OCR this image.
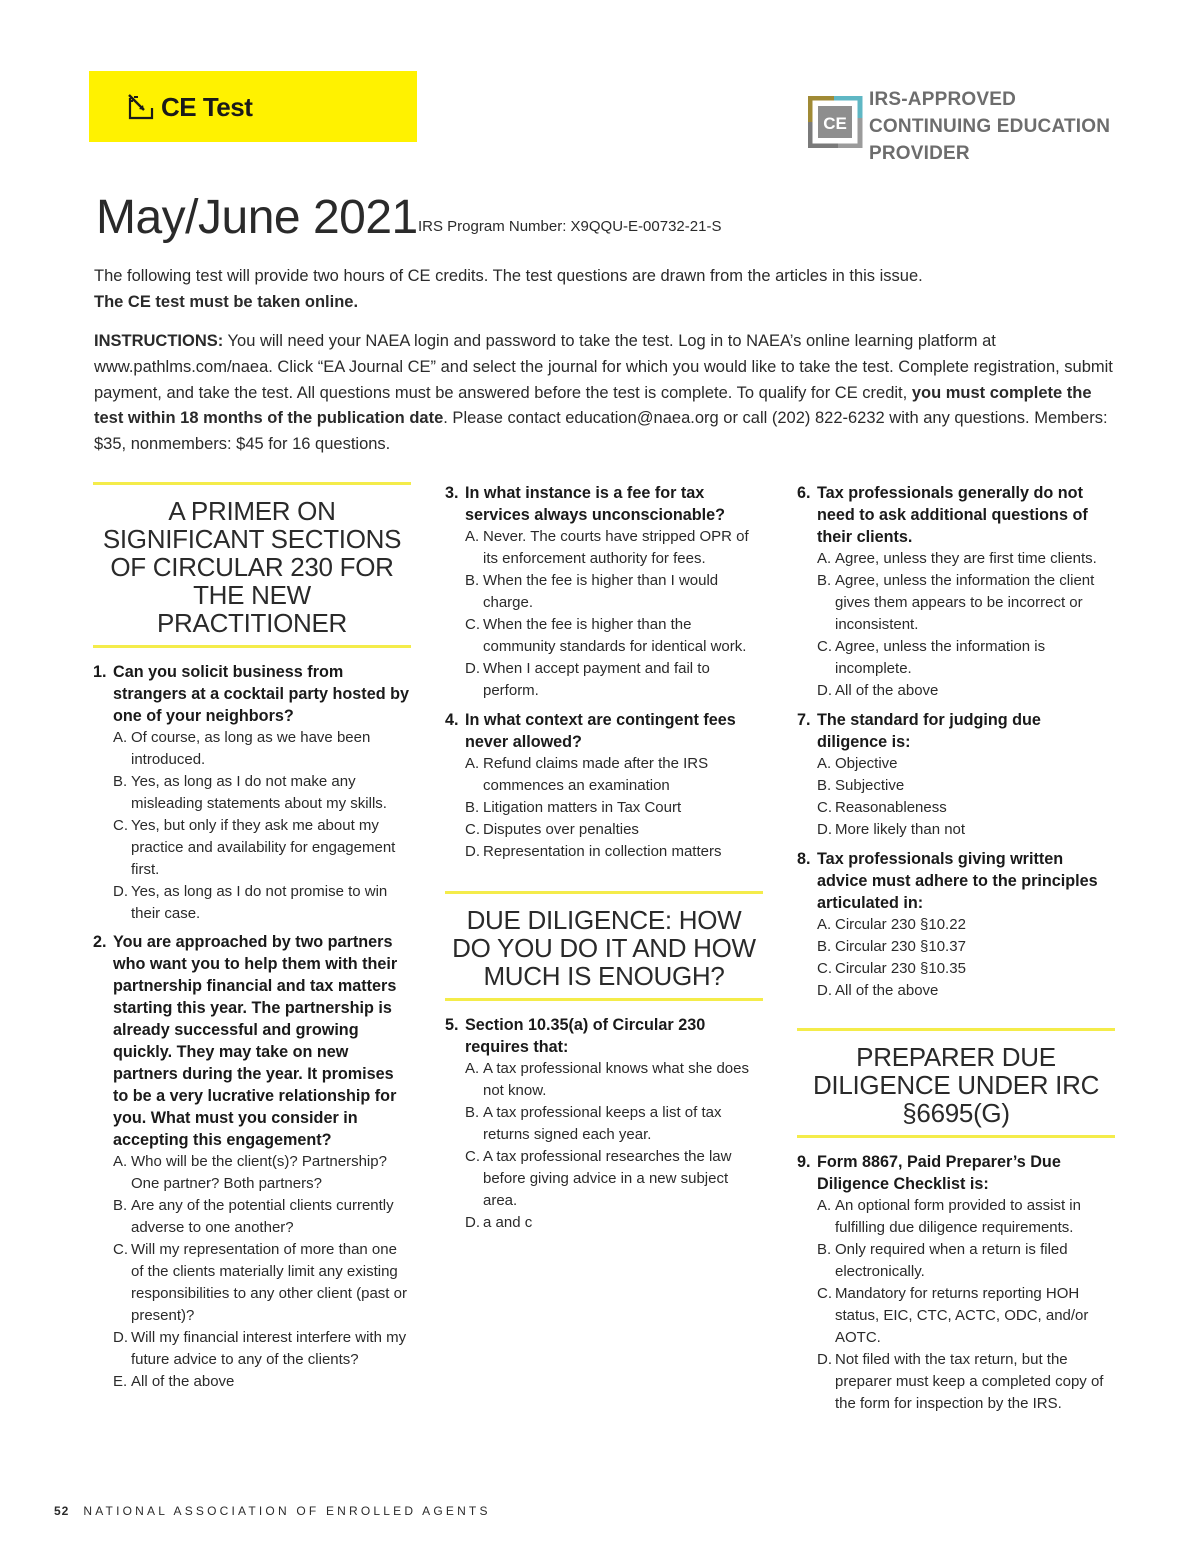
CE Test
CE
IRS-APPROVED
CONTINUING EDUCATION
PROVIDER
May/June 2021 IRS Program Number: X9QQU-E-00732-21-S
The following test will provide two hours of CE credits. The test questions are drawn from the articles in this issue.
The CE test must be taken online.
INSTRUCTIONS: You will need your NAEA login and password to take the test. Log in to NAEA’s online learning platform at www.pathlms.com/naea. Click “EA Journal CE” and select the journal for which you would like to take the test. Complete registration, submit payment, and take the test. All questions must be answered before the test is complete. To qualify for CE credit, you must complete the test within 18 months of the publication date. Please contact education@naea.org or call (202) 822-6232 with any questions. Members: $35, nonmembers: $45 for 16 questions.
A PRIMER ON SIGNIFICANT SECTIONS OF CIRCULAR 230 FOR THE NEW PRACTITIONER
1. Can you solicit business from strangers at a cocktail party hosted by one of your neighbors?
A. Of course, as long as we have been introduced.
B. Yes, as long as I do not make any misleading statements about my skills.
C. Yes, but only if they ask me about my practice and availability for engagement first.
D. Yes, as long as I do not promise to win their case.
2. You are approached by two partners who want you to help them with their partnership financial and tax matters starting this year. The partnership is already successful and growing quickly. They may take on new partners during the year. It promises to be a very lucrative relationship for you. What must you consider in accepting this engagement?
A. Who will be the client(s)? Partnership? One partner? Both partners?
B. Are any of the potential clients currently adverse to one another?
C. Will my representation of more than one of the clients materially limit any existing responsibilities to any other client (past or present)?
D. Will my financial interest interfere with my future advice to any of the clients?
E. All of the above
3. In what instance is a fee for tax services always unconscionable?
A. Never. The courts have stripped OPR of its enforcement authority for fees.
B. When the fee is higher than I would charge.
C. When the fee is higher than the community standards for identical work.
D. When I accept payment and fail to perform.
4. In what context are contingent fees never allowed?
A. Refund claims made after the IRS commences an examination
B. Litigation matters in Tax Court
C. Disputes over penalties
D. Representation in collection matters
DUE DILIGENCE: HOW DO YOU DO IT AND HOW MUCH IS ENOUGH?
5. Section 10.35(a) of Circular 230 requires that:
A. A tax professional knows what she does not know.
B. A tax professional keeps a list of tax returns signed each year.
C. A tax professional researches the law before giving advice in a new subject area.
D. a and c
6. Tax professionals generally do not need to ask additional questions of their clients.
A. Agree, unless they are first time clients.
B. Agree, unless the information the client gives them appears to be incorrect or inconsistent.
C. Agree, unless the information is incomplete.
D. All of the above
7. The standard for judging due diligence is:
A. Objective
B. Subjective
C. Reasonableness
D. More likely than not
8. Tax professionals giving written advice must adhere to the principles articulated in:
A. Circular 230 §10.22
B. Circular 230 §10.37
C. Circular 230 §10.35
D. All of the above
PREPARER DUE DILIGENCE UNDER IRC §6695(G)
9. Form 8867, Paid Preparer’s Due Diligence Checklist is:
A. An optional form provided to assist in fulfilling due diligence requirements.
B. Only required when a return is filed electronically.
C. Mandatory for returns reporting HOH status, EIC, CTC, ACTC, ODC, and/or AOTC.
D. Not filed with the tax return, but the preparer must keep a completed copy of the form for inspection by the IRS.
52 NATIONAL ASSOCIATION OF ENROLLED AGENTS
